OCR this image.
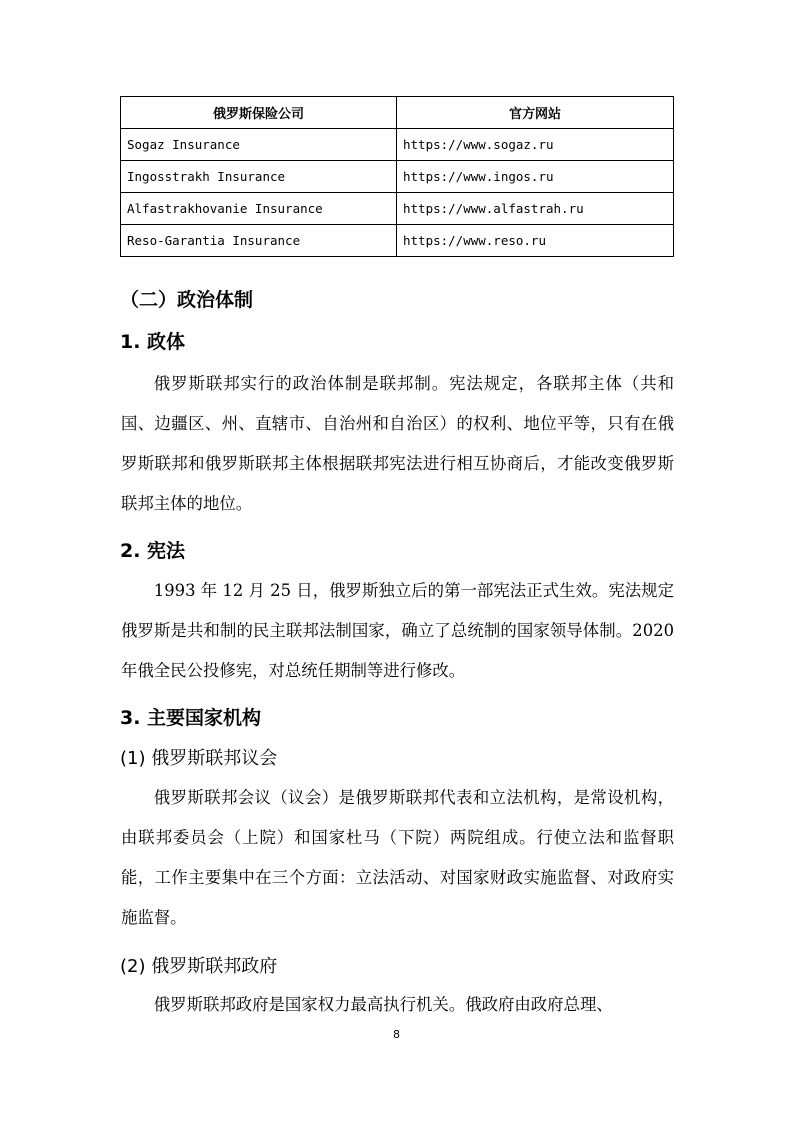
俄罗斯保险公司	官方网站
Sogaz Insurance	https://www.sogaz.ru
Ingosstrakh Insurance	https://www.ingos.ru
Alfastrakhovanie Insurance	https://www.alfastrah.ru
Reso-Garantia Insurance	https://www.reso.ru
（二）政治体制
1. 政体

俄罗斯联邦实行的政治体制是联邦制。宪法规定，各联邦主体（共和国、边疆区、州、直辖市、自治州和自治区）的权利、地位平等，只有在俄罗斯联邦和俄罗斯联邦主体根据联邦宪法进行相互协商后，才能改变俄罗斯联邦主体的地位。

2. 宪法

1993 年 12 月 25 日，俄罗斯独立后的第一部宪法正式生效。宪法规定俄罗斯是共和制的民主联邦法制国家，确立了总统制的国家领导体制。2020 年俄全民公投修宪，对总统任期制等进行修改。

3. 主要国家机构
(1) 俄罗斯联邦议会

俄罗斯联邦会议（议会）是俄罗斯联邦代表和立法机构，是常设机构，由联邦委员会（上院）和国家杜马（下院）两院组成。行使立法和监督职能，工作主要集中在三个方面：立法活动、对国家财政实施监督、对政府实施监督。

(2) 俄罗斯联邦政府

俄罗斯联邦政府是国家权力最高执行机关。俄政府由政府总理、

8
